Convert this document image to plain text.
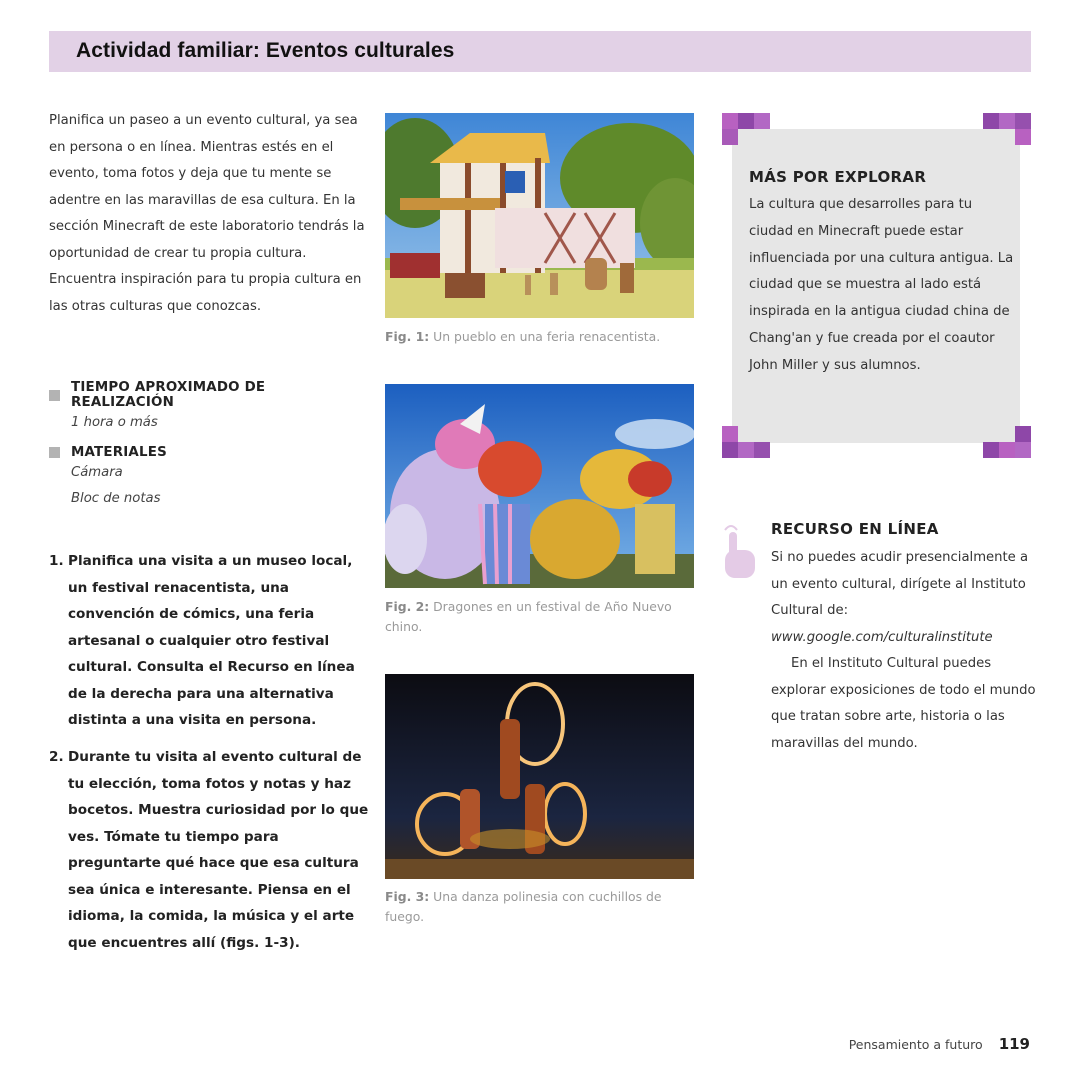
Actividad familiar: Eventos culturales
Planifica un paseo a un evento cultural, ya sea en persona o en línea. Mientras estés en el evento, toma fotos y deja que tu mente se adentre en las maravillas de esa cultura. En la sección Minecraft de este laboratorio tendrás la oportunidad de crear tu propia cultura. Encuentra inspiración para tu propia cultura en las otras culturas que conozcas.
TIEMPO APROXIMADO DE REALIZACIÓN
1 hora o más
MATERIALES
Cámara
Bloc de notas
1. Planifica una visita a un museo local, un festival renacentista, una convención de cómics, una feria artesanal o cualquier otro festival cultural. Consulta el Recurso en línea de la derecha para una alternativa distinta a una visita en persona.
2. Durante tu visita al evento cultural de tu elección, toma fotos y notas y haz bocetos. Muestra curiosidad por lo que ves. Tómate tu tiempo para preguntarte qué hace que esa cultura sea única e interesante. Piensa en el idioma, la comida, la música y el arte que encuentres allí (figs. 1-3).
Fig. 1: Un pueblo en una feria renacentista.
Fig. 2: Dragones en un festival de Año Nuevo chino.
Fig. 3: Una danza polinesia con cuchillos de fuego.
MÁS POR EXPLORAR
La cultura que desarrolles para tu ciudad en Minecraft puede estar influenciada por una cultura antigua. La ciudad que se muestra al lado está inspirada en la antigua ciudad china de Chang'an y fue creada por el coautor John Miller y sus alumnos.
RECURSO EN LÍNEA
Si no puedes acudir presencialmente a un evento cultural, dirígete al Instituto Cultural de:
www.google.com/culturalinstitute
En el Instituto Cultural puedes explorar exposiciones de todo el mundo que tratan sobre arte, historia o las maravillas del mundo.
Pensamiento a futuro 119
